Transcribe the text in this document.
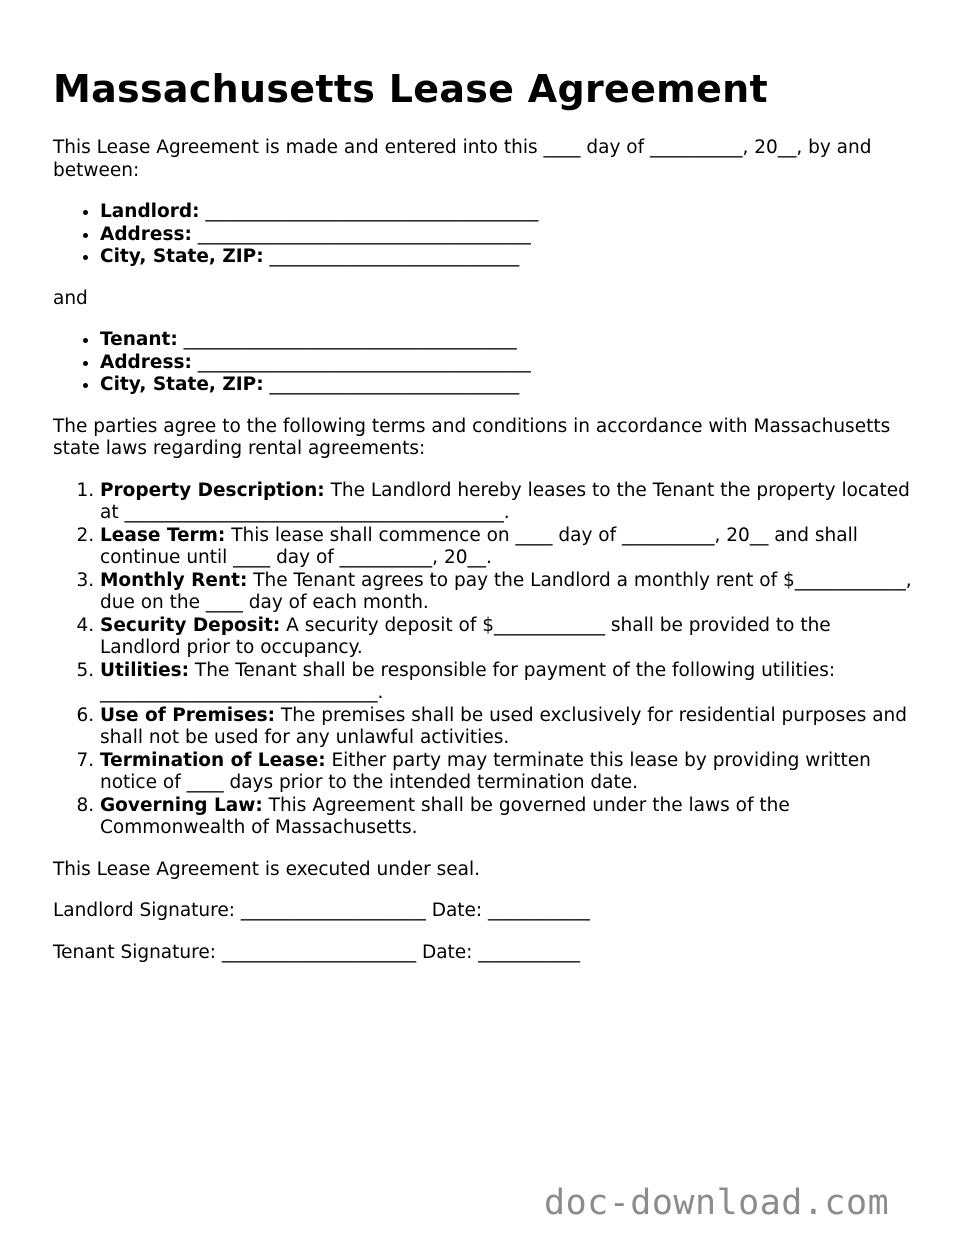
Massachusetts Lease Agreement

This Lease Agreement is made and entered into this ____ day of __________, 20__, by and between:

• Landlord: ____________________________________
• Address: ____________________________________
• City, State, ZIP: ___________________________

and

• Tenant: ____________________________________
• Address: ____________________________________
• City, State, ZIP: ___________________________

The parties agree to the following terms and conditions in accordance with Massachusetts state laws regarding rental agreements:

1. Property Description: The Landlord hereby leases to the Tenant the property located at _________________________________________.
2. Lease Term: This lease shall commence on ____ day of __________, 20__ and shall continue until ____ day of __________, 20__.
3. Monthly Rent: The Tenant agrees to pay the Landlord a monthly rent of $____________, due on the ____ day of each month.
4. Security Deposit: A security deposit of $____________ shall be provided to the Landlord prior to occupancy.
5. Utilities: The Tenant shall be responsible for payment of the following utilities: ______________________________.
6. Use of Premises: The premises shall be used exclusively for residential purposes and shall not be used for any unlawful activities.
7. Termination of Lease: Either party may terminate this lease by providing written notice of ____ days prior to the intended termination date.
8. Governing Law: This Agreement shall be governed under the laws of the Commonwealth of Massachusetts.

This Lease Agreement is executed under seal.

Landlord Signature: ____________________ Date: ___________

Tenant Signature: _____________________ Date: ___________

doc-download.com
